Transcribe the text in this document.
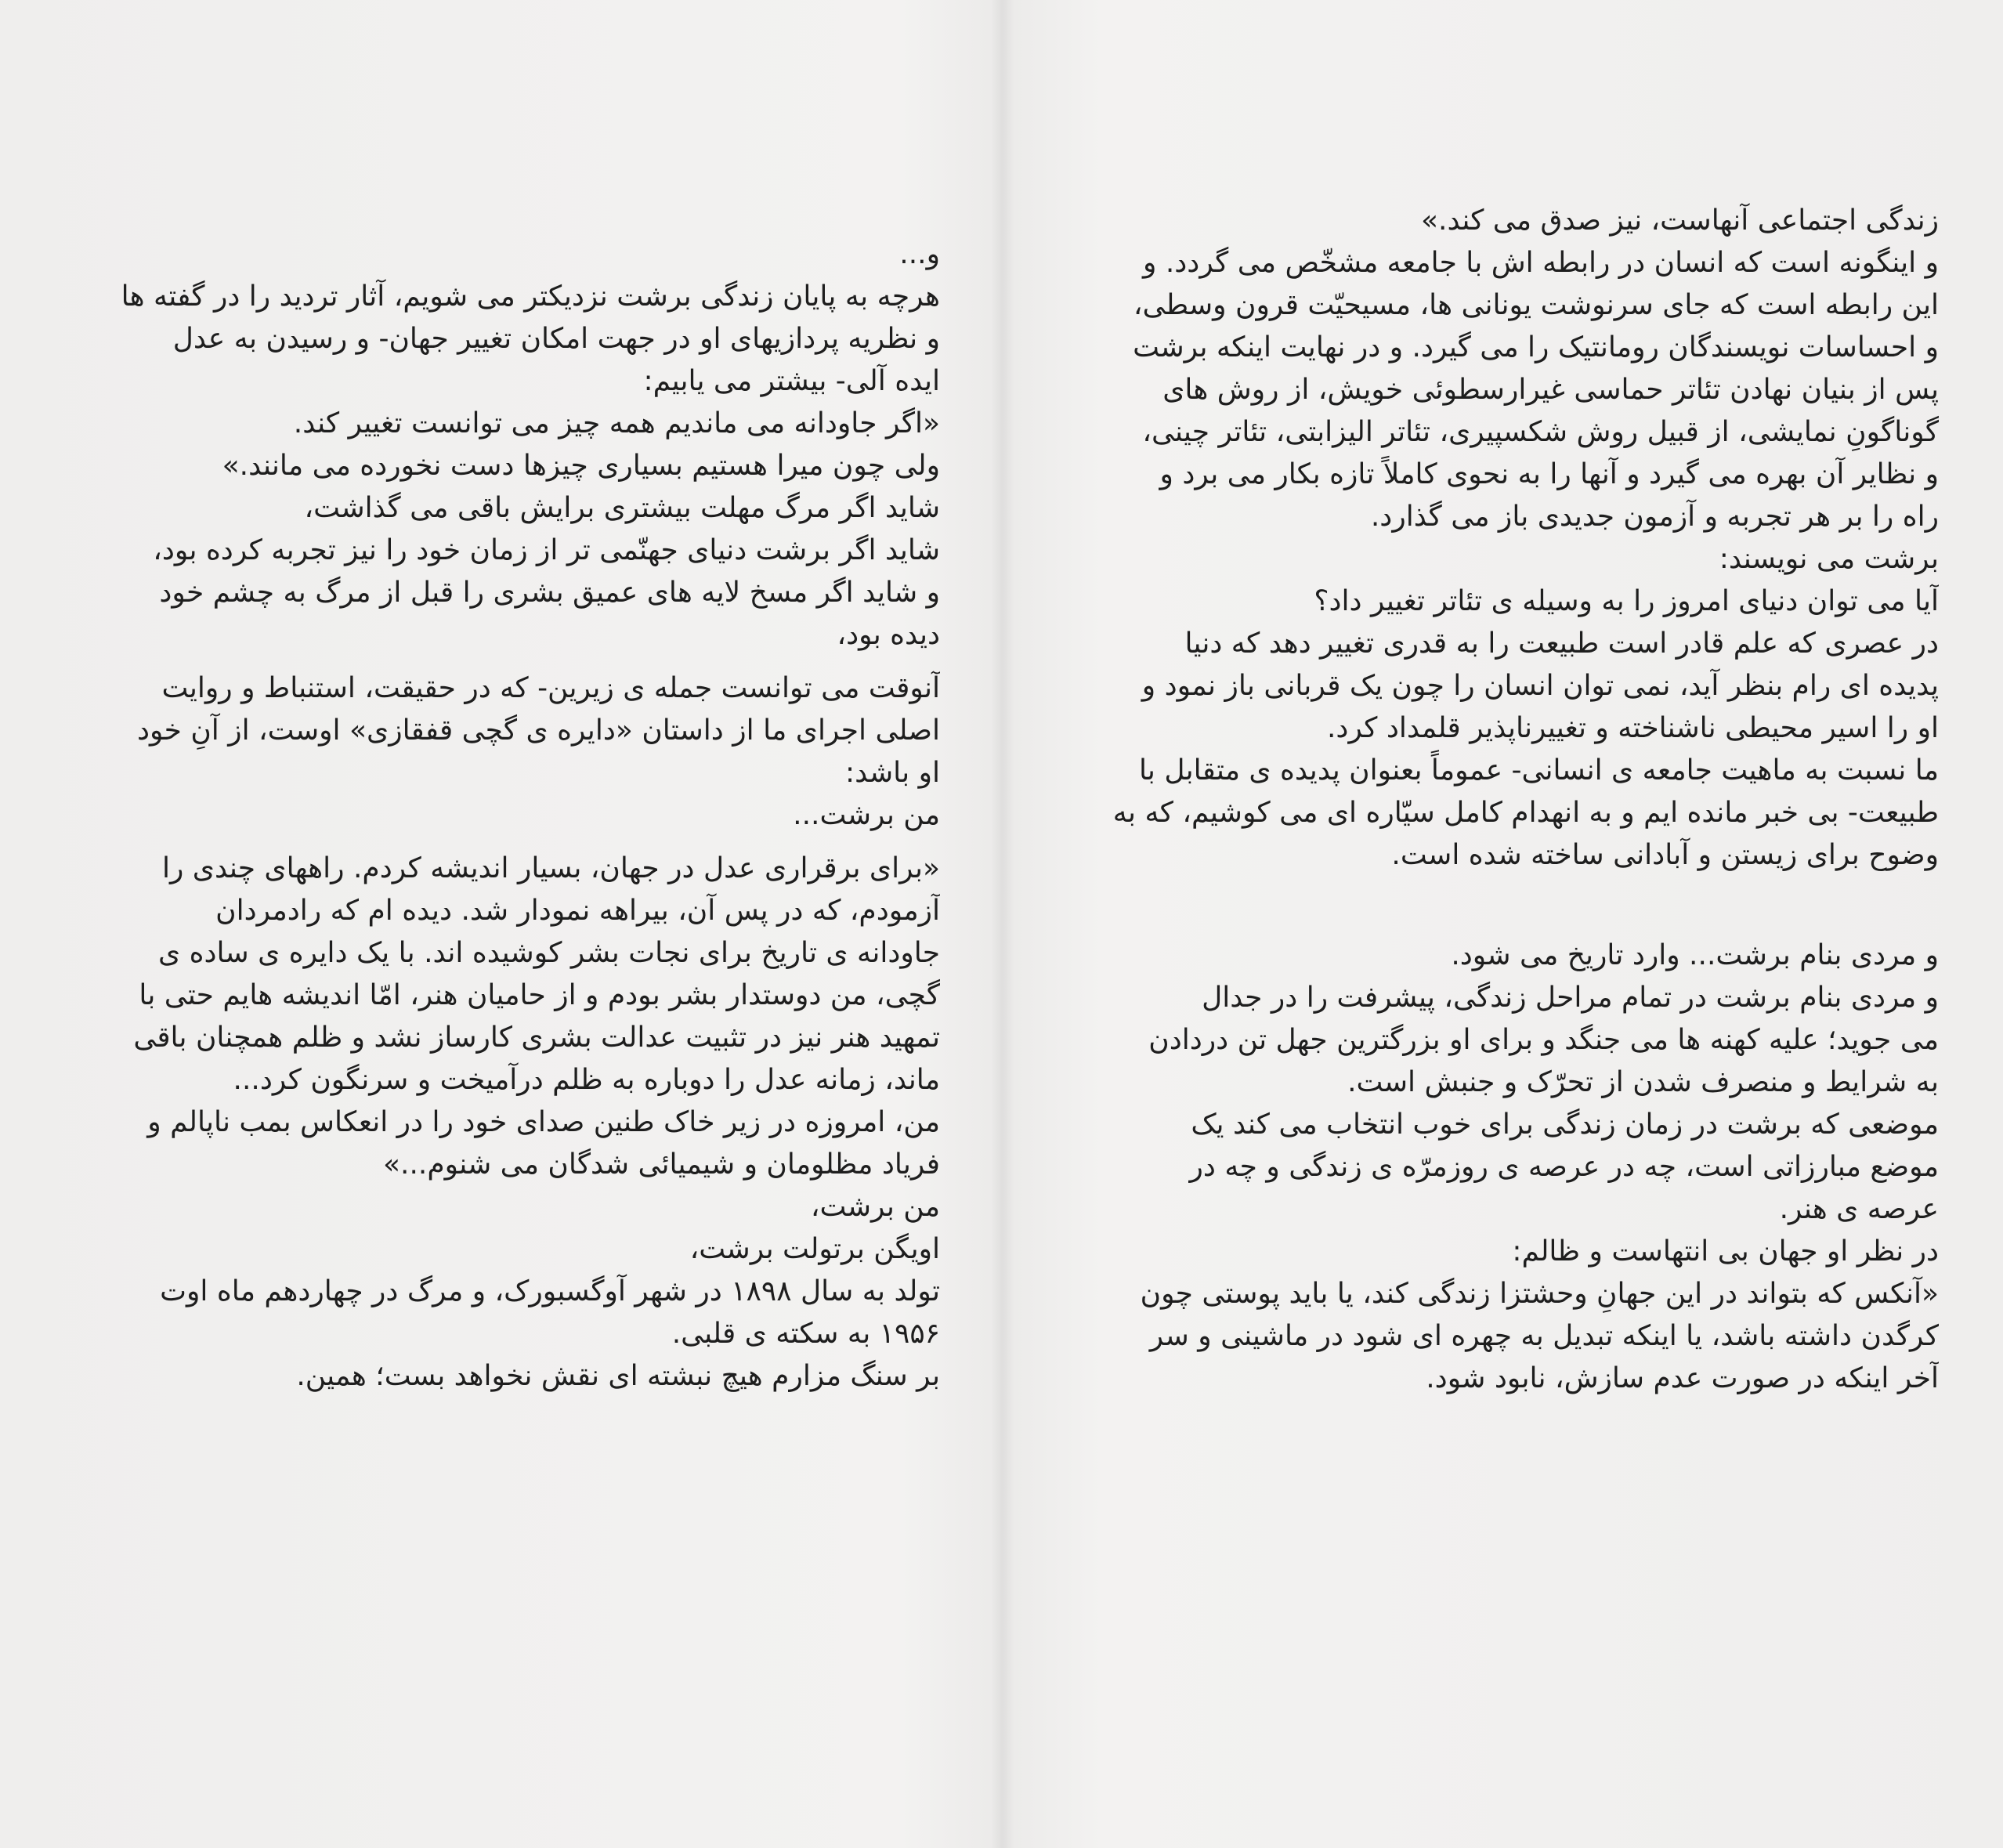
زندگی اجتماعی آنهاست، نیز صدق می کند.»
و اینگونه است که انسان در رابطه اش با جامعه مشخّص می گردد. و
این رابطه است که جای سرنوشت یونانی ها، مسیحیّت قرون وسطی،
و احساسات نویسندگان رومانتیک را می گیرد. و در نهایت اینکه برشت
پس از بنیان نهادن تئاتر حماسی غیرارسطوئی خویش، از روش های
گوناگونِ نمایشی، از قبیل روش شکسپیری، تئاتر الیزابتی، تئاتر چینی،
و نظایر آن بهره می گیرد و آنها را به نحوی کاملاً تازه بکار می برد و
راه را بر هر تجربه و آزمون جدیدی باز می گذارد.
برشت می نویسند:
آیا می توان دنیای امروز را به وسیله ی تئاتر تغییر داد؟
در عصری که علم قادر است طبیعت را به قدری تغییر دهد که دنیا
پدیده ای رام بنظر آید، نمی توان انسان را چون یک قربانی باز نمود و
او را اسیر محیطی ناشناخته و تغییرناپذیر قلمداد کرد.
ما نسبت به ماهیت جامعه ی انسانی- عموماً بعنوان پدیده ی متقابل با
طبیعت- بی خبر مانده ایم و به انهدام کامل سیّاره ای می کوشیم، که به
وضوح برای زیستن و آبادانی ساخته شده است.
و مردی بنام برشت... وارد تاریخ می شود.
و مردی بنام برشت در تمام مراحل زندگی، پیشرفت را در جدال
می جوید؛ علیه کهنه ها می جنگد و برای او بزرگترین جهل تن دردادن
به شرایط و منصرف شدن از تحرّک و جنبش است.
موضعی که برشت در زمان زندگی برای خوب انتخاب می کند یک
موضع مبارزاتی است، چه در عرصه ی روزمرّه ی زندگی و چه در
عرصه ی هنر.
در نظر او جهان بی انتهاست و ظالم:
«آنکس که بتواند در این جهانِ وحشتزا زندگی کند، یا باید پوستی چون
کرگدن داشته باشد، یا اینکه تبدیل به چهره ای شود در ماشینی و سر
آخر اینکه در صورت عدم سازش، نابود شود.
و...
هرچه به پایان زندگی برشت نزدیکتر می شویم، آثار تردید را در گفته ها
و نظریه پردازیهای او در جهت امکان تغییر جهان- و رسیدن به عدل
ایده آلی- بیشتر می یابیم:
«اگر جاودانه می ماندیم همه چیز می توانست تغییر کند.
ولی چون میرا هستیم بسیاری چیزها دست نخورده می مانند.»
شاید اگر مرگ مهلت بیشتری برایش باقی می گذاشت،
شاید اگر برشت دنیای جهنّمی تر از زمان خود را نیز تجربه کرده بود،
و شاید اگر مسخ لایه های عمیق بشری را قبل از مرگ به چشم خود
دیده بود،
آنوقت می توانست جمله ی زیرین- که در حقیقت، استنباط و روایت
اصلی اجرای ما از داستان «دایره ی گچی قفقازی» اوست، از آنِ خود
او باشد:
من برشت...
«برای برقراری عدل در جهان، بسیار اندیشه کردم. راههای چندی را
آزمودم، که در پس آن، بیراهه نمودار شد. دیده ام که رادمردان
جاودانه ی تاریخ برای نجات بشر کوشیده اند. با یک دایره ی ساده ی
گچی، من دوستدار بشر بودم و از حامیان هنر، امّا اندیشه هایم حتی با
تمهید هنر نیز در تثبیت عدالت بشری کارساز نشد و ظلم همچنان باقی
ماند، زمانه عدل را دوباره به ظلم درآمیخت و سرنگون کرد...
من، امروزه در زیر خاک طنین صدای خود را در انعکاس بمب ناپالم و
فریاد مظلومان و شیمیائی شدگان می شنوم...»
من برشت،
اویگن برتولت برشت،
تولد به سال ۱۸۹۸ در شهر آوگسبورک، و مرگ در چهاردهم ماه اوت
۱۹۵۶ به سکته ی قلبی.
بر سنگ مزارم هیچ نبشته ای نقش نخواهد بست؛ همین.
